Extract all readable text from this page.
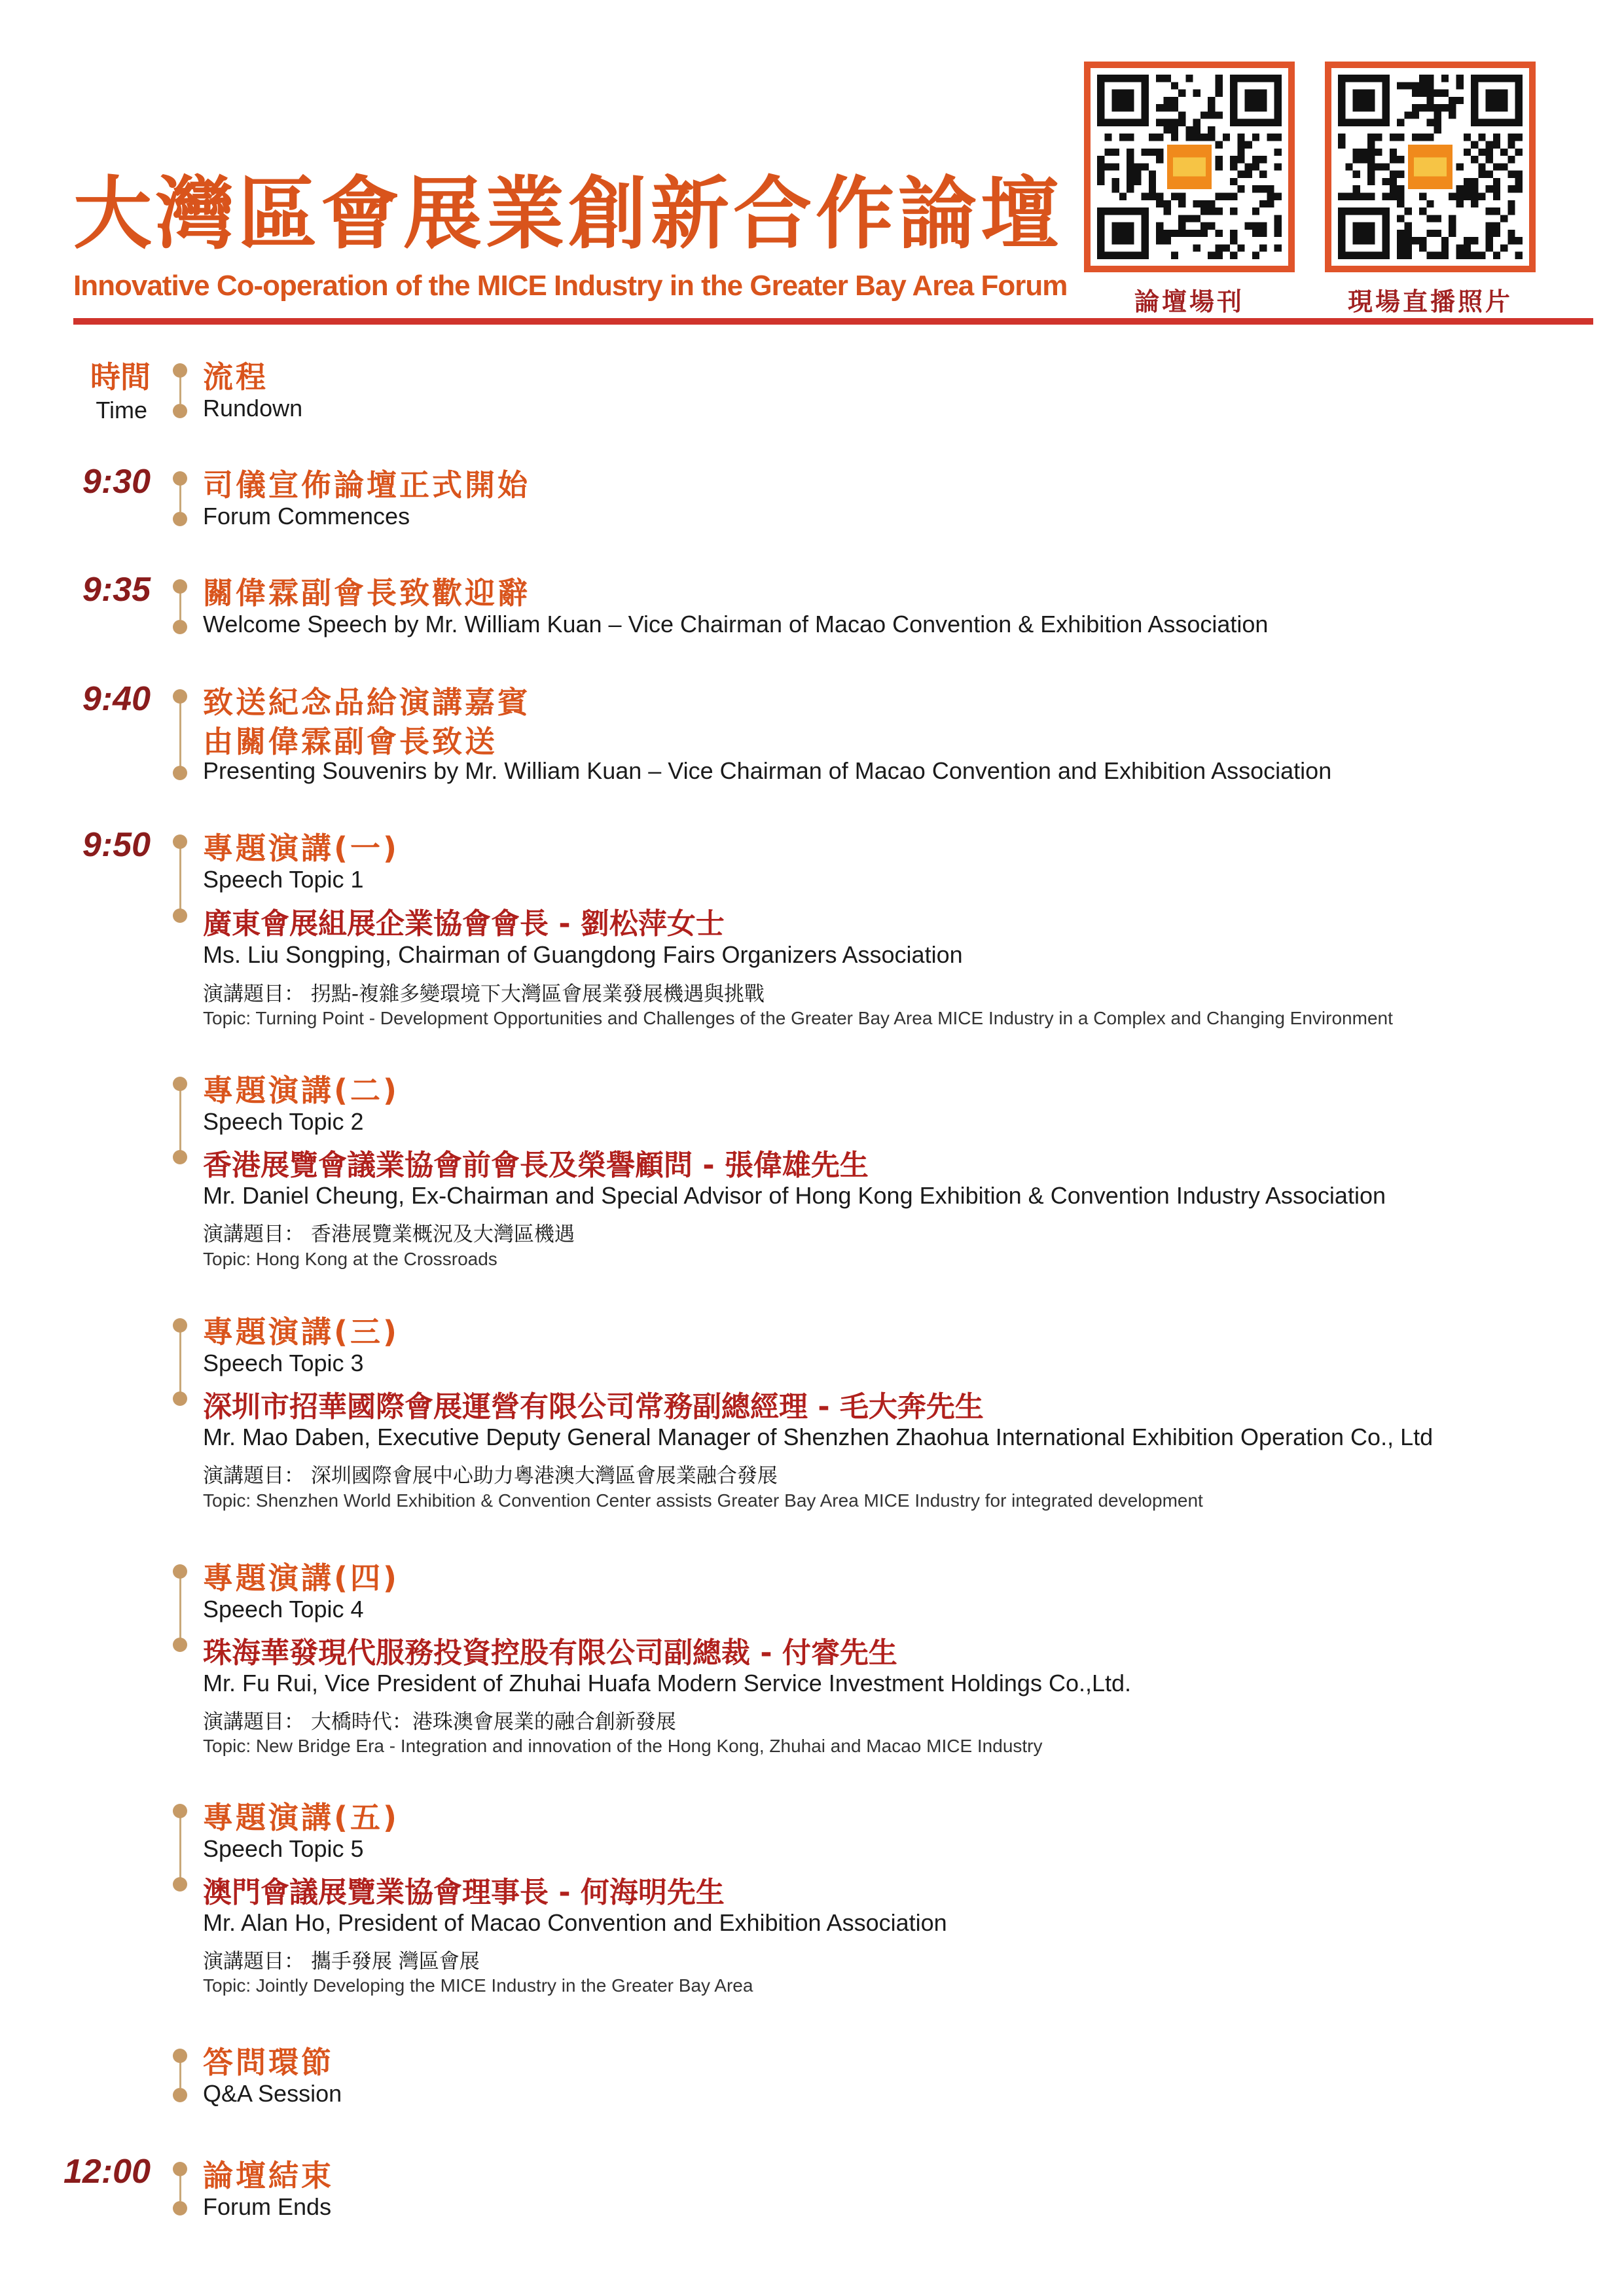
大灣區會展業創新合作論壇
Innovative Co-operation of the MICE Industry in the Greater Bay Area Forum	論壇場刊	現場直播照片
時間
Time
流程
Rundown
9:30 司儀宣佈論壇正式開始
Forum Commences
9:35 關偉霖副會長致歡迎辭
Welcome Speech by Mr. William Kuan – Vice Chairman of Macao Convention & Exhibition Association
9:40 致送紀念品給演講嘉賓
由關偉霖副會長致送
Presenting Souvenirs by Mr. William Kuan – Vice Chairman of Macao Convention and Exhibition Association
9:50 專題演講(一)
Speech Topic 1
廣東會展組展企業協會會長 - 劉松萍女士
Ms. Liu Songping, Chairman of Guangdong Fairs Organizers Association
演講題目： 拐點-複雜多變環境下大灣區會展業發展機遇與挑戰
Topic: Turning Point - Development Opportunities and Challenges of the Greater Bay Area MICE Industry in a Complex and Changing Environment
專題演講(二)
Speech Topic 2
香港展覽會議業協會前會長及榮譽顧問 - 張偉雄先生
Mr. Daniel Cheung, Ex-Chairman and Special Advisor of Hong Kong Exhibition & Convention Industry Association
演講題目： 香港展覽業概況及大灣區機遇
Topic: Hong Kong at the Crossroads
專題演講(三)
Speech Topic 3
深圳市招華國際會展運營有限公司常務副總經理 - 毛大奔先生
Mr. Mao Daben, Executive Deputy General Manager of Shenzhen Zhaohua International Exhibition Operation Co., Ltd
演講題目： 深圳國際會展中心助力粵港澳大灣區會展業融合發展
Topic: Shenzhen World Exhibition & Convention Center assists Greater Bay Area MICE Industry for integrated development
專題演講(四)
Speech Topic 4
珠海華發現代服務投資控股有限公司副總裁 - 付睿先生
Mr. Fu Rui, Vice President of Zhuhai Huafa Modern Service Investment Holdings Co.,Ltd.
演講題目： 大橋時代：港珠澳會展業的融合創新發展
Topic: New Bridge Era - Integration and innovation of the Hong Kong, Zhuhai and Macao MICE Industry
專題演講(五)
Speech Topic 5
澳門會議展覽業協會理事長 - 何海明先生
Mr. Alan Ho, President of Macao Convention and Exhibition Association
演講題目： 攜手發展 灣區會展
Topic: Jointly Developing the MICE Industry in the Greater Bay Area
答問環節
Q&A Session
12:00 論壇結束
Forum Ends
